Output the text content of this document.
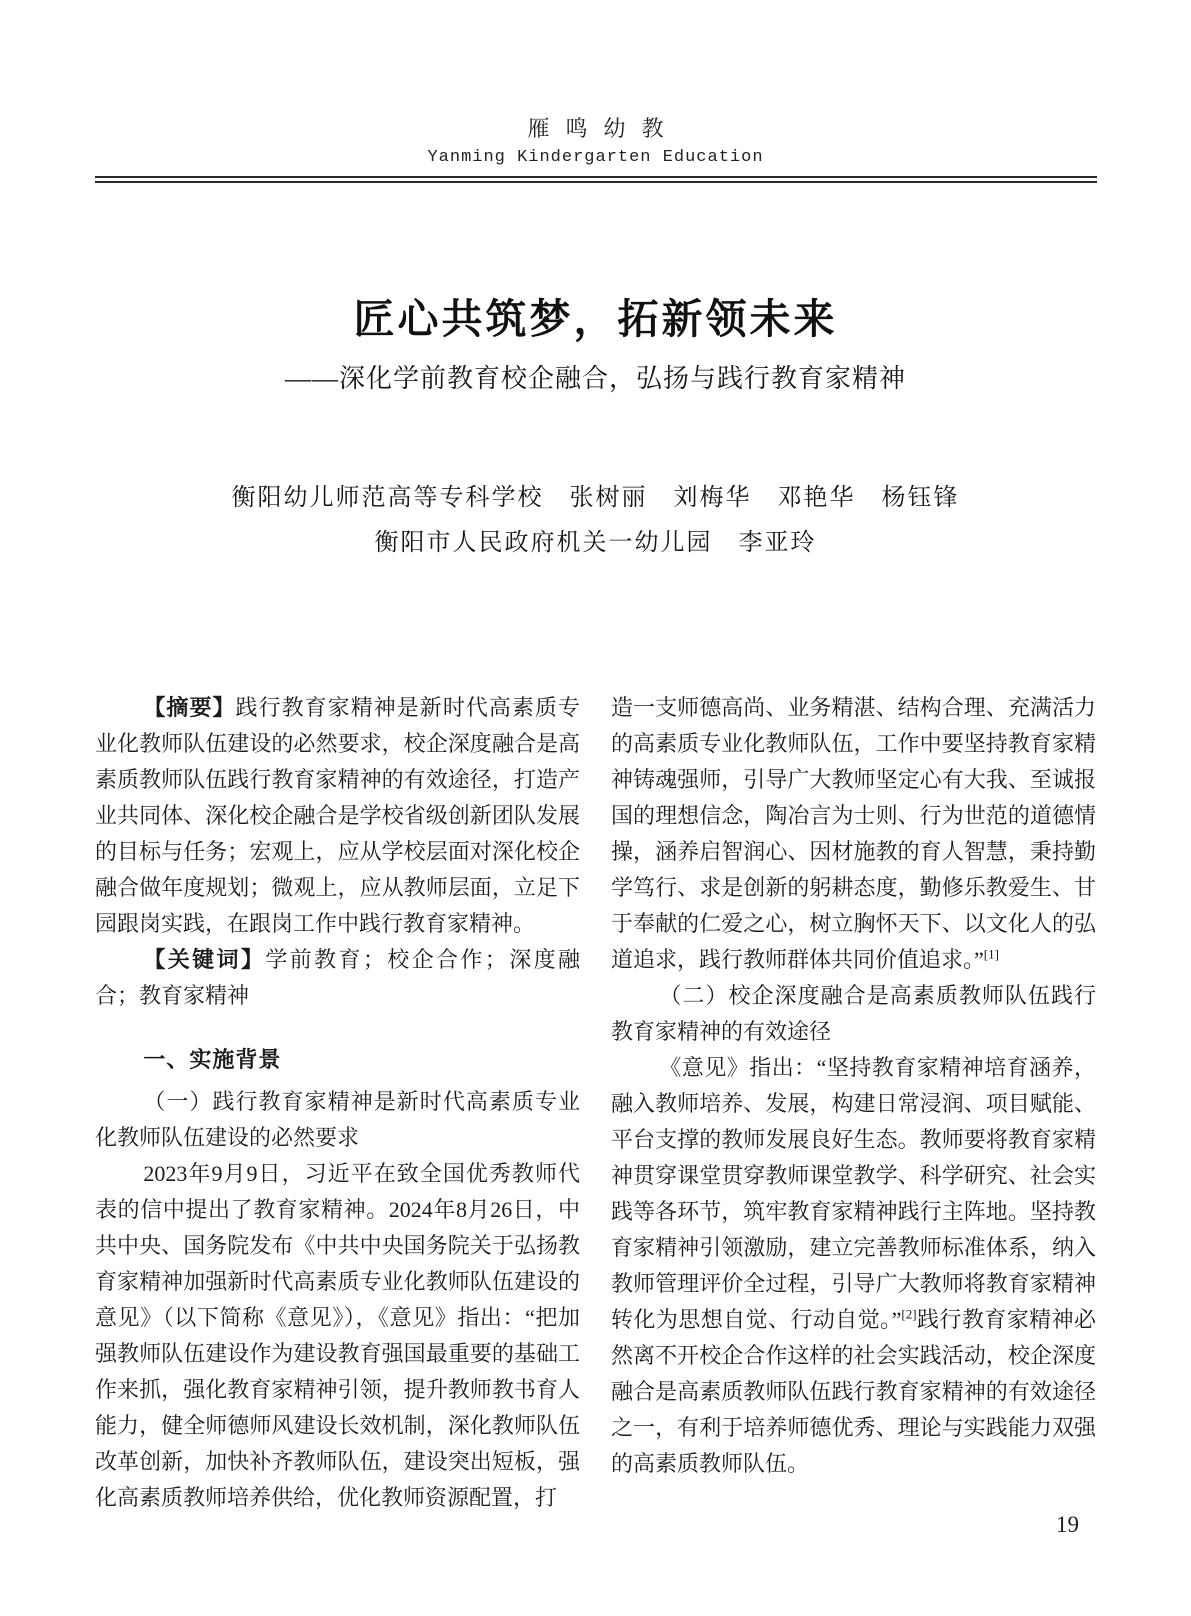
雁鸣幼教
Yanming Kindergarten Education
匠心共筑梦，拓新领未来
——深化学前教育校企融合，弘扬与践行教育家精神
衡阳幼儿师范高等专科学校　张树丽　刘梅华　邓艳华　杨钰锋
衡阳市人民政府机关一幼儿园　李亚玲

【摘要】践行教育家精神是新时代高素质专业化教师队伍建设的必然要求，校企深度融合是高素质教师队伍践行教育家精神的有效途径，打造产业共同体、深化校企融合是学校省级创新团队发展的目标与任务；宏观上，应从学校层面对深化校企融合做年度规划；微观上，应从教师层面，立足下园跟岗实践，在跟岗工作中践行教育家精神。

【关键词】学前教育；校企合作；深度融合；教育家精神

一、实施背景

（一）践行教育家精神是新时代高素质专业化教师队伍建设的必然要求

2023年9月9日，习近平在致全国优秀教师代表的信中提出了教育家精神。2024年8月26日，中共中央、国务院发布《中共中央国务院关于弘扬教育家精神加强新时代高素质专业化教师队伍建设的意见》（以下简称《意见》），《意见》指出：“把加强教师队伍建设作为建设教育强国最重要的基础工作来抓，强化教育家精神引领，提升教师教书育人能力，健全师德师风建设长效机制，深化教师队伍改革创新，加快补齐教师队伍，建设突出短板，强化高素质教师培养供给，优化教师资源配置，打

造一支师德高尚、业务精湛、结构合理、充满活力的高素质专业化教师队伍，工作中要坚持教育家精神铸魂强师，引导广大教师坚定心有大我、至诚报国的理想信念，陶冶言为士则、行为世范的道德情操，涵养启智润心、因材施教的育人智慧，秉持勤学笃行、求是创新的躬耕态度，勤修乐教爱生、甘于奉献的仁爱之心，树立胸怀天下、以文化人的弘道追求，践行教师群体共同价值追求。”[1]

（二）校企深度融合是高素质教师队伍践行教育家精神的有效途径

《意见》指出：“坚持教育家精神培育涵养，融入教师培养、发展，构建日常浸润、项目赋能、平台支撑的教师发展良好生态。教师要将教育家精神贯穿课堂贯穿教师课堂教学、科学研究、社会实践等各环节，筑牢教育家精神践行主阵地。坚持教育家精神引领激励，建立完善教师标准体系，纳入教师管理评价全过程，引导广大教师将教育家精神转化为思想自觉、行动自觉。”[2]践行教育家精神必然离不开校企合作这样的社会实践活动，校企深度融合是高素质教师队伍践行教育家精神的有效途径之一，有利于培养师德优秀、理论与实践能力双强的高素质教师队伍。

19
